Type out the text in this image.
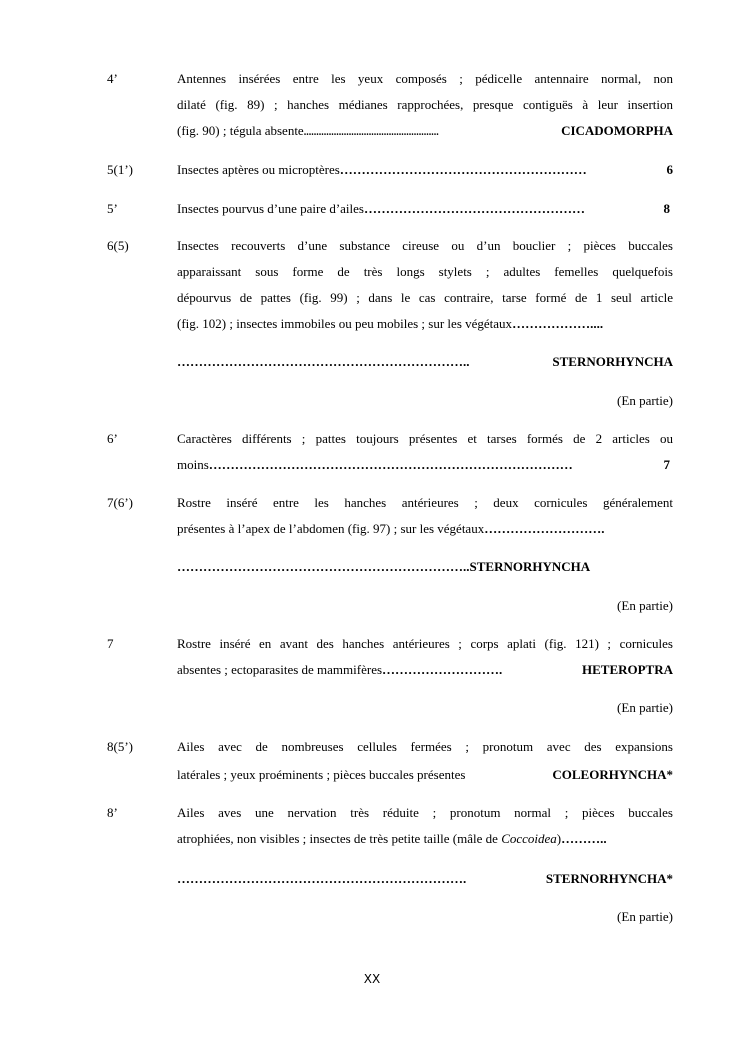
4’	Antennes insérées entre les yeux composés ; pédicelle antennaire normal, non
dilaté (fig. 89) ; hanches médianes rapprochées, presque contiguës à leur insertion
(fig. 90) ; tégula absente......................................................	CICADOMORPHA
5(1’)	Insectes aptères ou microptères…………………………………………………	6
5’	Insectes pourvus d’une paire d’ailes……………………………………………	8
6(5)	Insectes recouverts d’une substance cireuse ou d’un bouclier ; pièces buccales
apparaissant sous forme de très longs stylets ; adultes femelles quelquefois
dépourvus de pattes (fig. 99) ; dans le cas contraire, tarse formé de 1 seul article
(fig. 102) ; insectes immobiles ou peu mobiles ; sur les végétaux………………....
…………………………………………………………..	STERNORHYNCHA
(En partie)
6’	Caractères différents ; pattes toujours présentes et tarses formés de 2 articles ou
moins…………………………………………………………………………	7
7(6’)	Rostre inséré entre les hanches antérieures ; deux cornicules généralement
présentes à l’apex de l’abdomen (fig. 97) ; sur les végétaux……………………….
…………………………………………………………..STERNORHYNCHA
(En partie)
7	Rostre inséré en avant des hanches antérieures ; corps aplati (fig. 121) ; cornicules
absentes ; ectoparasites de mammifères……………………….	HETEROPTRA
(En partie)
8(5’)	Ailes avec de nombreuses cellules fermées ; pronotum avec des expansions
latérales ; yeux proéminents ; pièces buccales présentes	COLEORHYNCHA*
8’	Ailes aves une nervation très réduite ; pronotum normal ; pièces buccales
atrophiées, non visibles ; insectes de très petite taille (mâle de Coccoidea)………..
………………………………………………………….	STERNORHYNCHA*
(En partie)
XX
